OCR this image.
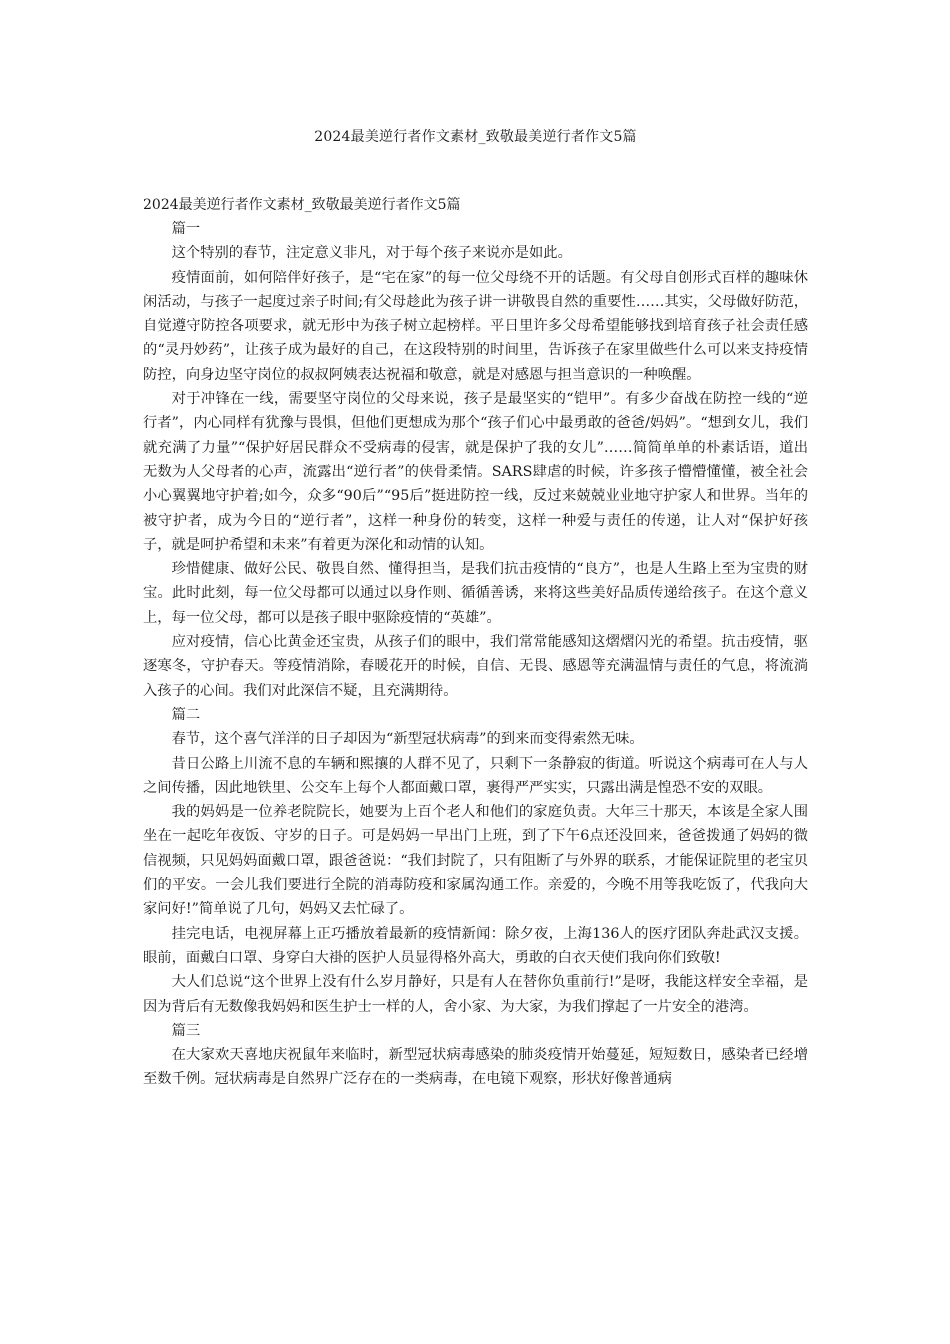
2024最美逆行者作文素材_致敬最美逆行者作文5篇
2024最美逆行者作文素材_致敬最美逆行者作文5篇

篇一

这个特别的春节，注定意义非凡，对于每个孩子来说亦是如此。

疫情面前，如何陪伴好孩子，是“宅在家”的每一位父母绕不开的话题。有父母自创形式百样的趣味休闲活动，与孩子一起度过亲子时间;有父母趁此为孩子讲一讲敬畏自然的重要性……其实，父母做好防范，自觉遵守防控各项要求，就无形中为孩子树立起榜样。平日里许多父母希望能够找到培育孩子社会责任感的“灵丹妙药”，让孩子成为最好的自己，在这段特别的时间里，告诉孩子在家里做些什么可以来支持疫情防控，向身边坚守岗位的叔叔阿姨表达祝福和敬意，就是对感恩与担当意识的一种唤醒。

对于冲锋在一线，需要坚守岗位的父母来说，孩子是最坚实的“铠甲”。有多少奋战在防控一线的“逆行者”，内心同样有犹豫与畏惧，但他们更想成为那个“孩子们心中最勇敢的爸爸/妈妈”。“想到女儿，我们就充满了力量”“保护好居民群众不受病毒的侵害，就是保护了我的女儿”……简简单单的朴素话语，道出无数为人父母者的心声，流露出“逆行者”的侠骨柔情。SARS肆虐的时候，许多孩子懵懵懂懂，被全社会小心翼翼地守护着;如今，众多“90后”“95后”挺进防控一线，反过来兢兢业业地守护家人和世界。当年的被守护者，成为今日的“逆行者”，这样一种身份的转变，这样一种爱与责任的传递，让人对“保护好孩子，就是呵护希望和未来”有着更为深化和动情的认知。

珍惜健康、做好公民、敬畏自然、懂得担当，是我们抗击疫情的“良方”，也是人生路上至为宝贵的财宝。此时此刻，每一位父母都可以通过以身作则、循循善诱，来将这些美好品质传递给孩子。在这个意义上，每一位父母，都可以是孩子眼中驱除疫情的“英雄”。

应对疫情，信心比黄金还宝贵，从孩子们的眼中，我们常常能感知这熠熠闪光的希望。抗击疫情，驱逐寒冬，守护春天。等疫情消除，春暖花开的时候，自信、无畏、感恩等充满温情与责任的气息，将流淌入孩子的心间。我们对此深信不疑，且充满期待。

篇二

春节，这个喜气洋洋的日子却因为“新型冠状病毒”的到来而变得索然无味。

昔日公路上川流不息的车辆和熙攘的人群不见了，只剩下一条静寂的街道。听说这个病毒可在人与人之间传播，因此地铁里、公交车上每个人都面戴口罩，裹得严严实实，只露出满是惶恐不安的双眼。

我的妈妈是一位养老院院长，她要为上百个老人和他们的家庭负责。大年三十那天，本该是全家人围坐在一起吃年夜饭、守岁的日子。可是妈妈一早出门上班，到了下午6点还没回来，爸爸拨通了妈妈的微信视频，只见妈妈面戴口罩，跟爸爸说：“我们封院了，只有阻断了与外界的联系，才能保证院里的老宝贝们的平安。一会儿我们要进行全院的消毒防疫和家属沟通工作。亲爱的，今晚不用等我吃饭了，代我向大家问好!”简单说了几句，妈妈又去忙碌了。

挂完电话，电视屏幕上正巧播放着最新的疫情新闻：除夕夜，上海136人的医疗团队奔赴武汉支援。眼前，面戴白口罩、身穿白大褂的医护人员显得格外高大，勇敢的白衣天使们我向你们致敬!

大人们总说“这个世界上没有什么岁月静好，只是有人在替你负重前行!”是呀，我能这样安全幸福，是因为背后有无数像我妈妈和医生护士一样的人，舍小家、为大家，为我们撑起了一片安全的港湾。

篇三

在大家欢天喜地庆祝鼠年来临时，新型冠状病毒感染的肺炎疫情开始蔓延，短短数日，感染者已经增至数千例。冠状病毒是自然界广泛存在的一类病毒，在电镜下观察，形状好像普通病
